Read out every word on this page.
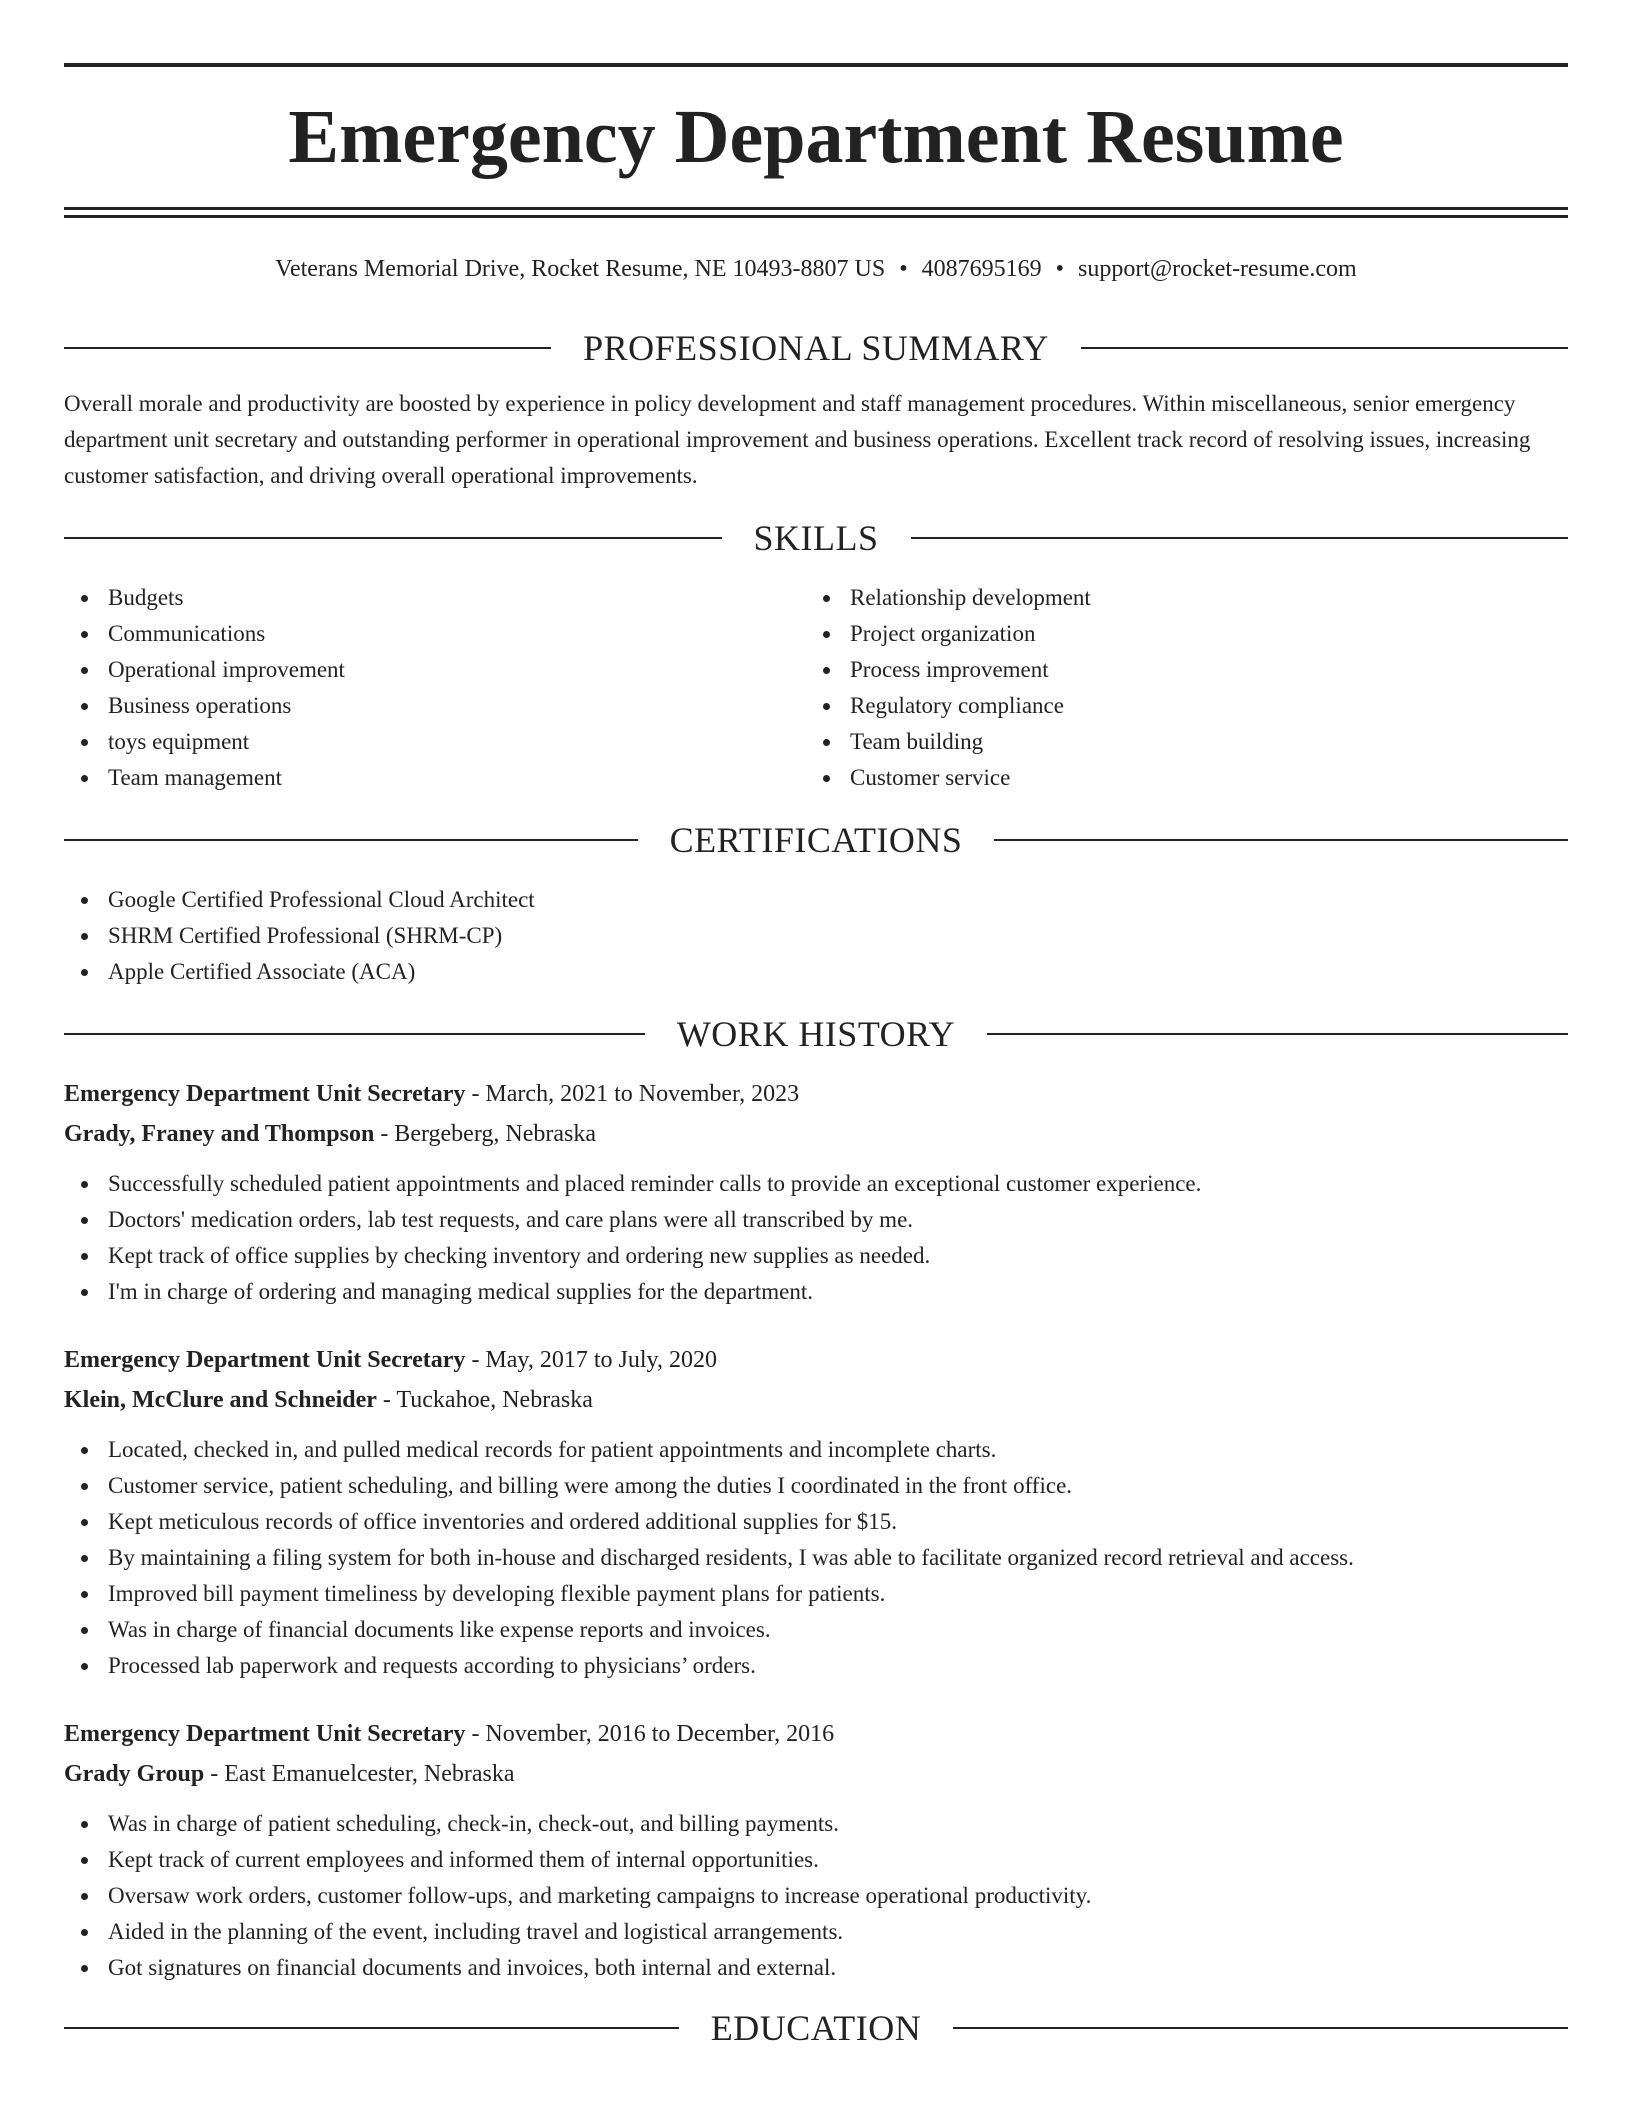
Emergency Department Resume
Veterans Memorial Drive, Rocket Resume, NE 10493-8807 US • 4087695169 • support@rocket-resume.com
PROFESSIONAL SUMMARY

Overall morale and productivity are boosted by experience in policy development and staff management procedures. Within miscellaneous, senior emergency department unit secretary and outstanding performer in operational improvement and business operations. Excellent track record of resolving issues, increasing customer satisfaction, and driving overall operational improvements.

SKILLS
Budgets
Communications
Operational improvement
Business operations
toys equipment
Team management
Relationship development
Project organization
Process improvement
Regulatory compliance
Team building
Customer service
CERTIFICATIONS
Google Certified Professional Cloud Architect
SHRM Certified Professional (SHRM-CP)
Apple Certified Associate (ACA)
WORK HISTORY
Emergency Department Unit Secretary - March, 2021 to November, 2023
Grady, Franey and Thompson - Bergeberg, Nebraska
Successfully scheduled patient appointments and placed reminder calls to provide an exceptional customer experience.
Doctors' medication orders, lab test requests, and care plans were all transcribed by me.
Kept track of office supplies by checking inventory and ordering new supplies as needed.
I'm in charge of ordering and managing medical supplies for the department.
Emergency Department Unit Secretary - May, 2017 to July, 2020
Klein, McClure and Schneider - Tuckahoe, Nebraska
Located, checked in, and pulled medical records for patient appointments and incomplete charts.
Customer service, patient scheduling, and billing were among the duties I coordinated in the front office.
Kept meticulous records of office inventories and ordered additional supplies for $15.
By maintaining a filing system for both in-house and discharged residents, I was able to facilitate organized record retrieval and access.
Improved bill payment timeliness by developing flexible payment plans for patients.
Was in charge of financial documents like expense reports and invoices.
Processed lab paperwork and requests according to physicians’ orders.
Emergency Department Unit Secretary - November, 2016 to December, 2016
Grady Group - East Emanuelcester, Nebraska
Was in charge of patient scheduling, check-in, check-out, and billing payments.
Kept track of current employees and informed them of internal opportunities.
Oversaw work orders, customer follow-ups, and marketing campaigns to increase operational productivity.
Aided in the planning of the event, including travel and logistical arrangements.
Got signatures on financial documents and invoices, both internal and external.
EDUCATION
